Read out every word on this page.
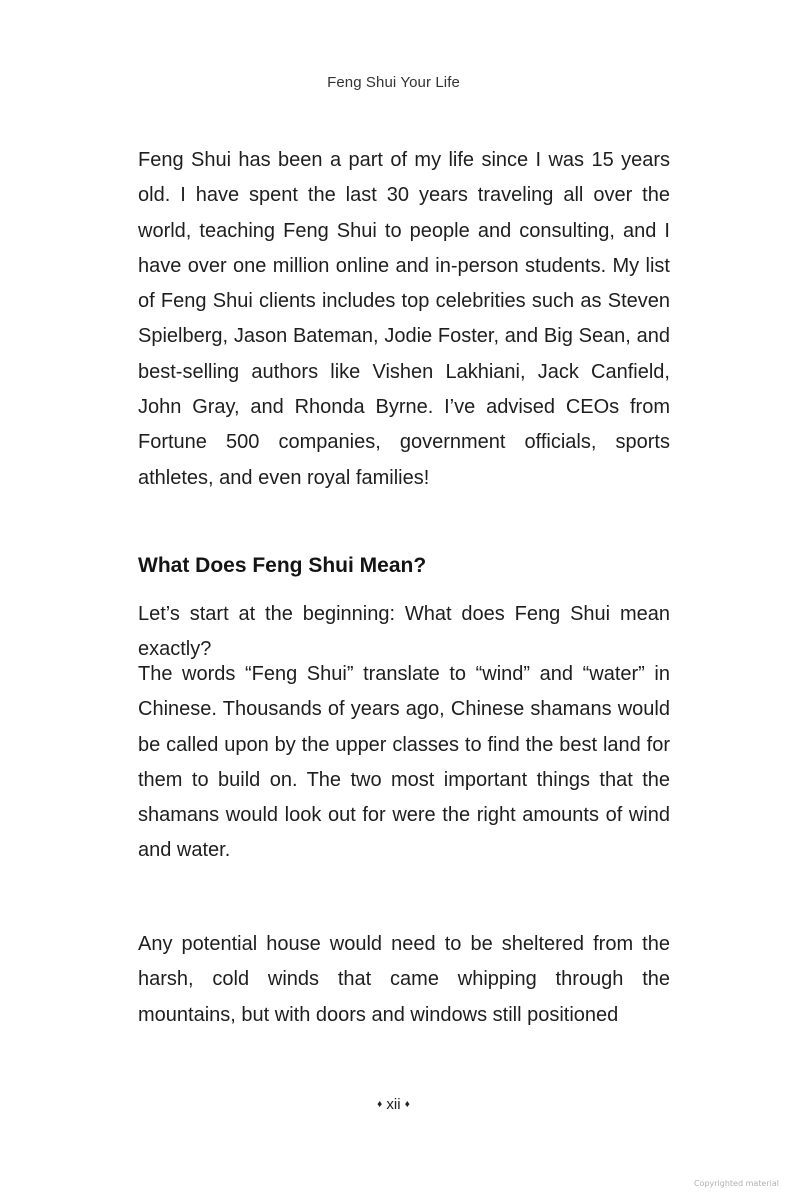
Feng Shui Your Life

Feng Shui has been a part of my life since I was 15 years old. I have spent the last 30 years traveling all over the world, teaching Feng Shui to people and consulting, and I have over one million online and in-person students. My list of Feng Shui clients includes top celebrities such as Steven Spielberg, Jason Bateman, Jodie Foster, and Big Sean, and best-selling authors like Vishen Lakhiani, Jack Canfield, John Gray, and Rhonda Byrne. I’ve advised CEOs from Fortune 500 companies, government officials, sports athletes, and even royal families!

What Does Feng Shui Mean?

Let’s start at the beginning: What does Feng Shui mean exactly?

The words “Feng Shui” translate to “wind” and “water” in Chinese. Thousands of years ago, Chinese shamans would be called upon by the upper classes to find the best land for them to build on. The two most important things that the shamans would look out for were the right amounts of wind and water.

Any potential house would need to be sheltered from the harsh, cold winds that came whipping through the mountains, but with doors and windows still positioned

♦ xii ♦
Copyrighted material
